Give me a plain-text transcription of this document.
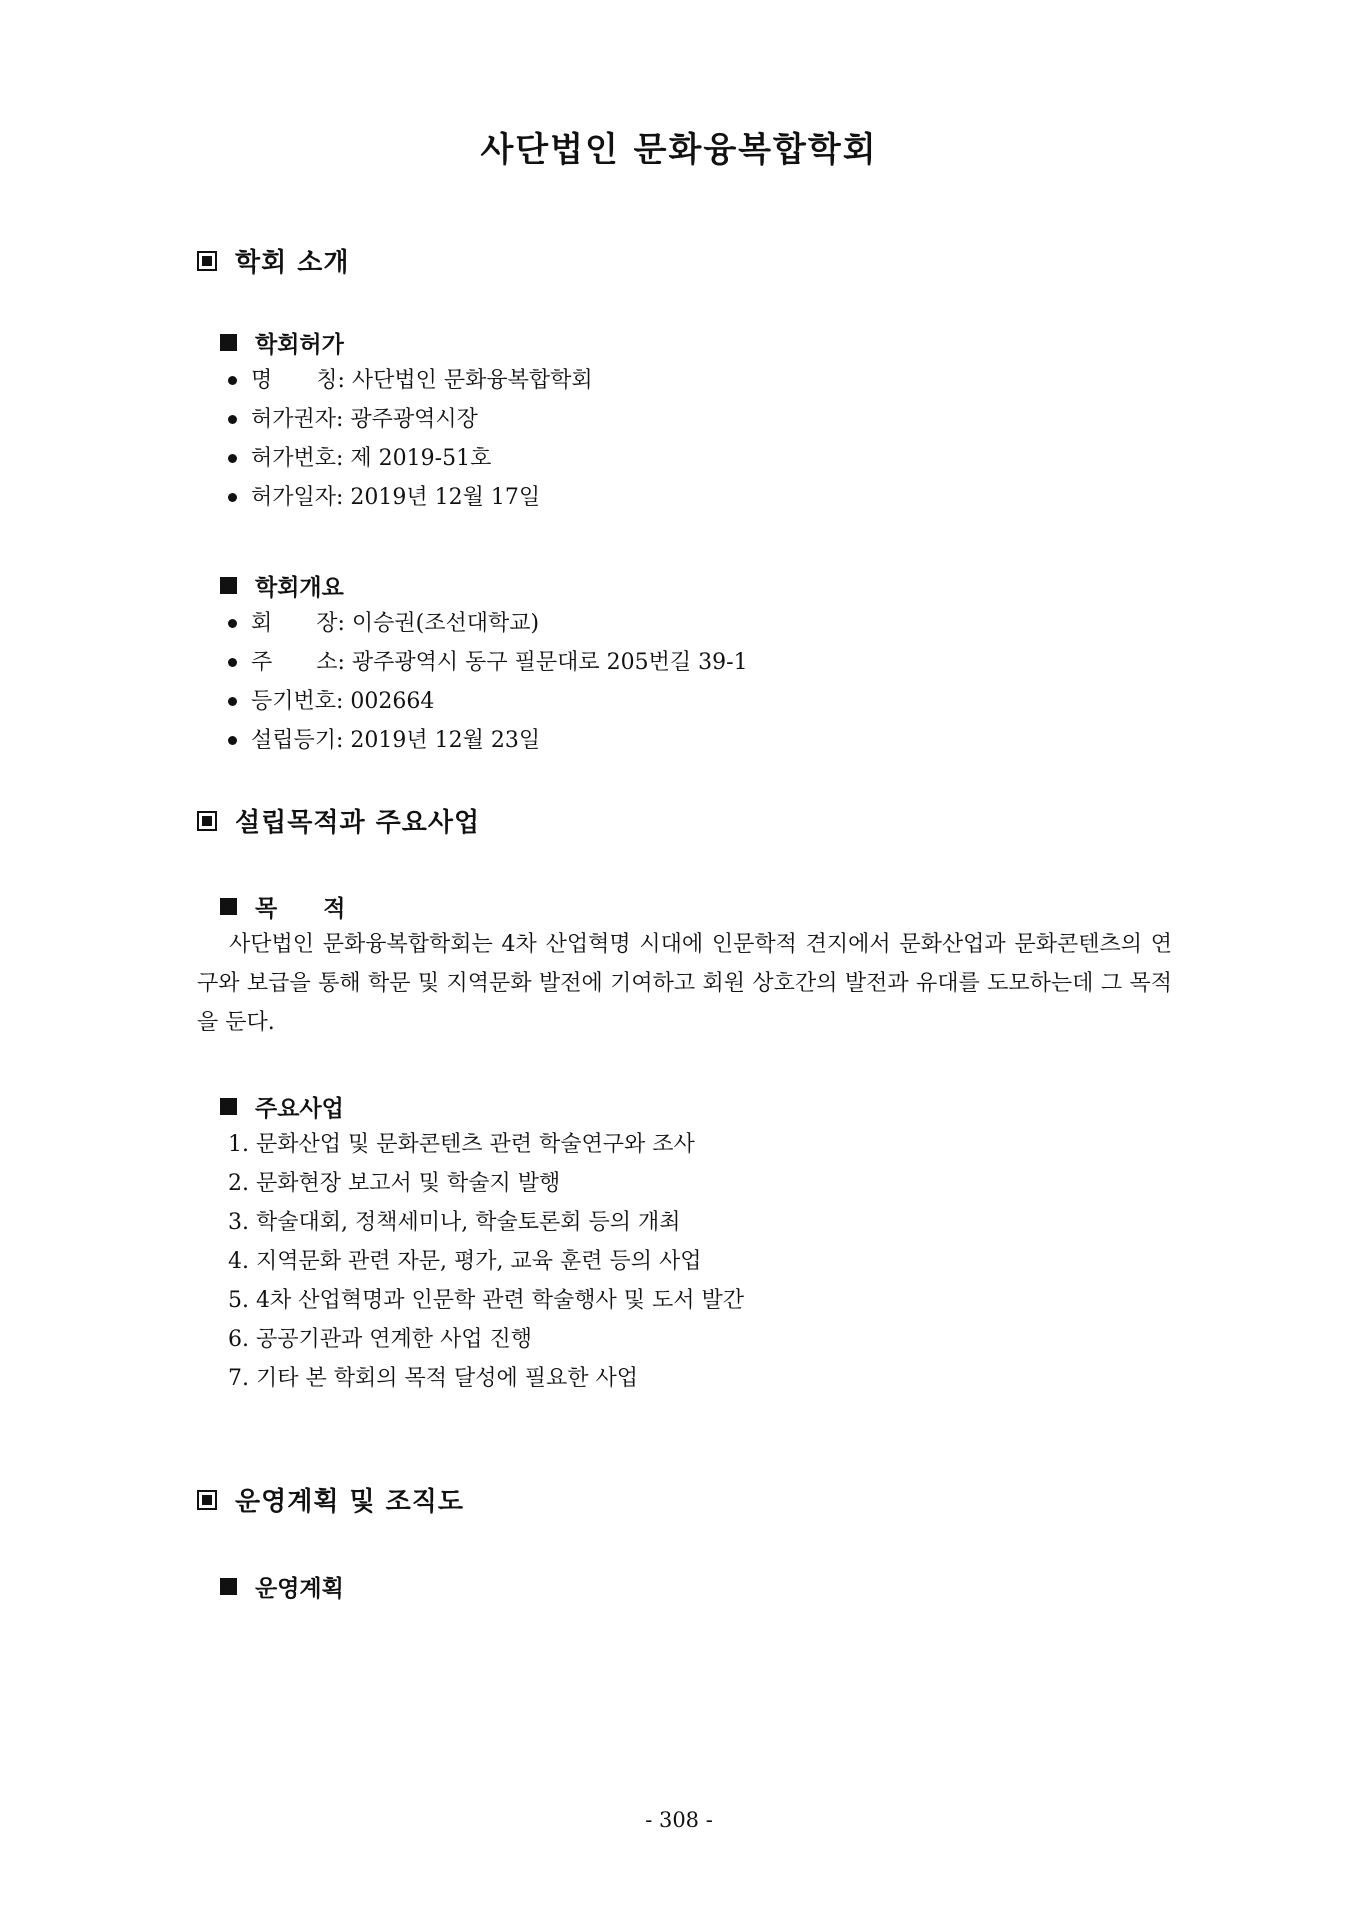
사단법인 문화융복합학회
학회 소개
학회허가
명　　칭: 사단법인 문화융복합학회
허가권자: 광주광역시장
허가번호: 제 2019-51호
허가일자: 2019년 12월 17일
학회개요
회　　장: 이승권(조선대학교)
주　　소: 광주광역시 동구 필문대로 205번길 39-1
등기번호: 002664
설립등기: 2019년 12월 23일
설립목적과 주요사업
목　　적

사단법인 문화융복합학회는 4차 산업혁명 시대에 인문학적 견지에서 문화산업과 문화콘텐츠의 연구와 보급을 통해 학문 및 지역문화 발전에 기여하고 회원 상호간의 발전과 유대를 도모하는데 그 목적을 둔다.

주요사업
1. 문화산업 및 문화콘텐츠 관련 학술연구와 조사
2. 문화현장 보고서 및 학술지 발행
3. 학술대회, 정책세미나, 학술토론회 등의 개최
4. 지역문화 관련 자문, 평가, 교육 훈련 등의 사업
5. 4차 산업혁명과 인문학 관련 학술행사 및 도서 발간
6. 공공기관과 연계한 사업 진행
7. 기타 본 학회의 목적 달성에 필요한 사업
운영계획 및 조직도
운영계획
- 308 -
